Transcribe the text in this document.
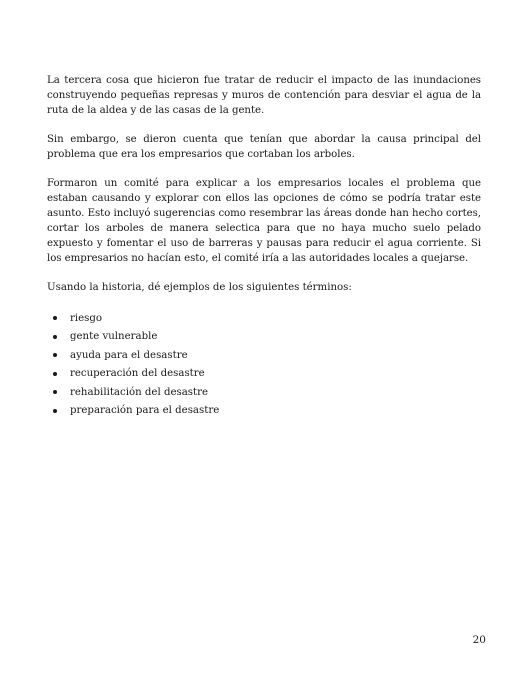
La tercera cosa que hicieron fue tratar de reducir el impacto de las inundaciones construyendo pequeñas represas y muros de contención para desviar el agua de la ruta de la aldea y de las casas de la gente.

Sin embargo, se dieron cuenta que tenían que abordar la causa principal del problema que era los empresarios que cortaban los arboles.

Formaron un comité para explicar a los empresarios locales el problema que estaban causando y explorar con ellos las opciones de cómo se podría tratar este asunto. Esto incluyó sugerencias como resembrar las áreas donde han hecho cortes, cortar los arboles de manera selectica para que no haya mucho suelo pelado expuesto y fomentar el uso de barreras y pausas para reducir el agua corriente. Si los empresarios no hacían esto, el comité iría a las autoridades locales a quejarse.

Usando la historia, dé ejemplos de los siguientes términos:

riesgo
gente vulnerable
ayuda para el desastre
recuperación del desastre
rehabilitación del desastre
preparación para el desastre
20
